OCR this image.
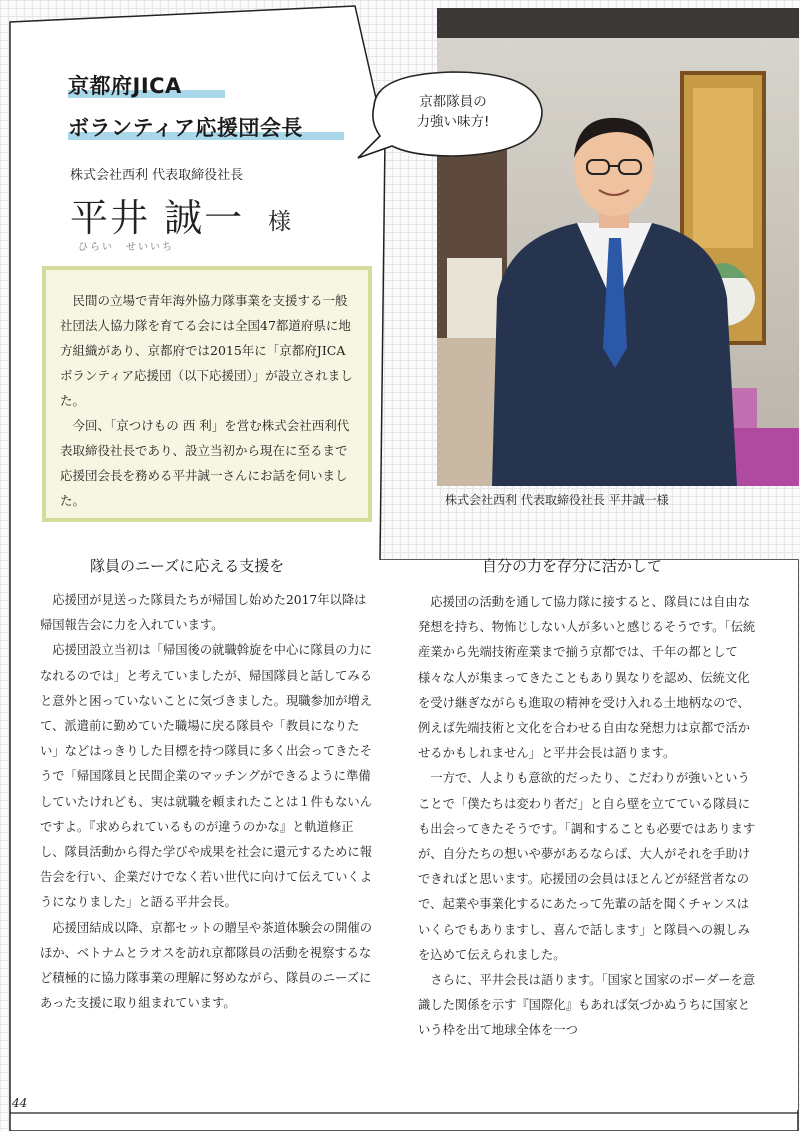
京都府JICA
ボランティア応援団会長
株式会社西利 代表取締役社長
平井 誠一 様
ひらい　せいいち

民間の立場で青年海外協力隊事業を支援する一般社団法人協力隊を育てる会には全国47都道府県に地方組織があり、京都府では2015年に「京都府JICAボランティア応援団（以下応援団）」が設立されました。

今回、「京つけもの 西 利」を営む株式会社西利代表取締役社長であり、設立当初から現在に至るまで応援団会長を務める平井誠一さんにお話を伺いました。	株式会社西利 代表取締役社長 平井誠一様
京都隊員の
力強い味方!
隊員のニーズに応える支援を

応援団が見送った隊員たちが帰国し始めた2017年以降は帰国報告会に力を入れています。

応援団設立当初は「帰国後の就職斡旋を中心に隊員の力になれるのでは」と考えていましたが、帰国隊員と話してみると意外と困っていないことに気づきました。現職参加が増えて、派遣前に勤めていた職場に戻る隊員や「教員になりたい」などはっきりした目標を持つ隊員に多く出会ってきたそうで「帰国隊員と民間企業のマッチングができるように準備していたけれども、実は就職を頼まれたことは１件もないんですよ。『求められているものが違うのかな』と軌道修正し、隊員活動から得た学びや成果を社会に還元するために報告会を行い、企業だけでなく若い世代に向けて伝えていくようになりました」と語る平井会長。

応援団結成以降、京都セットの贈呈や茶道体験会の開催のほか、ベトナムとラオスを訪れ京都隊員の活動を視察するなど積極的に協力隊事業の理解に努めながら、隊員のニーズにあった支援に取り組まれています。

自分の力を存分に活かして

応援団の活動を通して協力隊に接すると、隊員には自由な発想を持ち、物怖じしない人が多いと感じるそうです。「伝統産業から先端技術産業まで揃う京都では、千年の都として様々な人が集まってきたこともあり異なりを認め、伝統文化を受け継ぎながらも進取の精神を受け入れる土地柄なので、例えば先端技術と文化を合わせる自由な発想力は京都で活かせるかもしれません」と平井会長は語ります。

一方で、人よりも意欲的だったり、こだわりが強いということで「僕たちは変わり者だ」と自ら壁を立てている隊員にも出会ってきたそうです。「調和することも必要ではありますが、自分たちの想いや夢があるならば、大人がそれを手助けできればと思います。応援団の会員はほとんどが経営者なので、起業や事業化するにあたって先輩の話を聞くチャンスはいくらでもありますし、喜んで話します」と隊員への親しみを込めて伝えられました。

さらに、平井会長は語ります。「国家と国家のボーダーを意識した関係を示す『国際化』もあれば気づかぬうちに国家という枠を出て地球全体を一つ

44
